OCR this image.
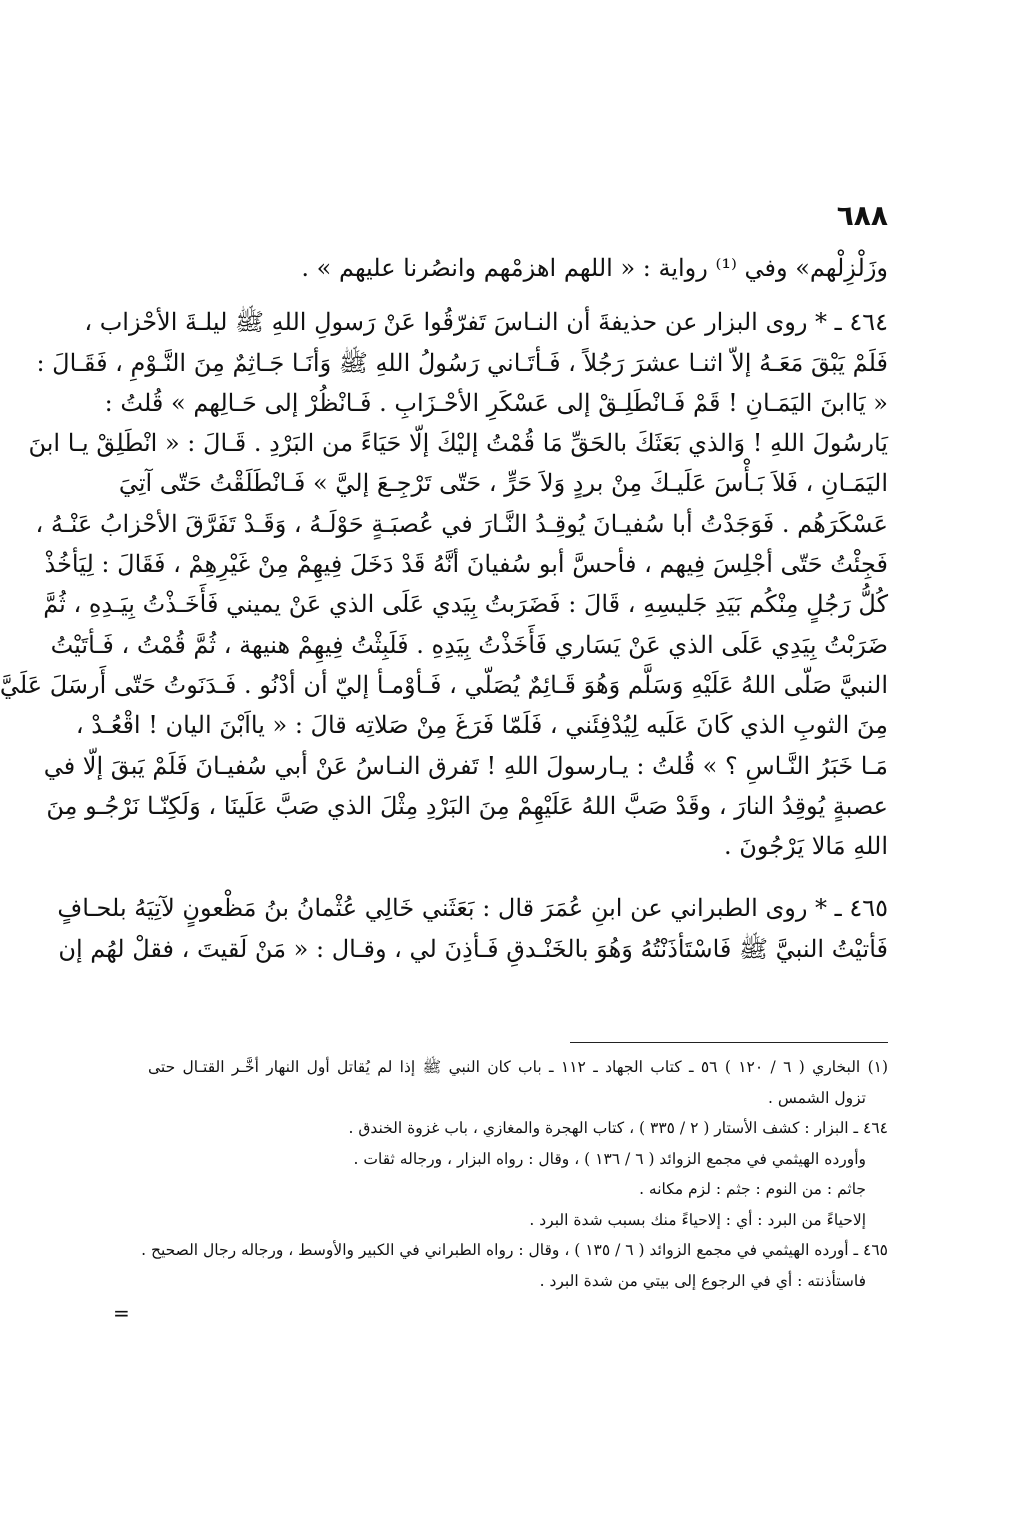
٦٨٨
وزَلْزِلْهم» وفي ⁽¹⁾ رواية : « اللهم اهزمْهم وانصُرنا عليهم » .
٤٦٤ ـ * روى البزار عن حذيفةَ أن النـاسَ تَفرّقُوا عَنْ رَسولِ اللهِ ﷺ ليلـةَ الأحْزاب ،
فَلَمْ يَبْقَ مَعَـهُ إلاّ اثنـا عشرَ رَجُلاً ، فَـأتَـاني رَسُولُ اللهِ ﷺ وَأنَـا جَـاثِمٌ مِنَ النَّـوْمِ ، فَقَـالَ :
« يَاابنَ اليَمَـانِ ! قَمْ فَـانْطَلِـقْ إلى عَسْكَرِ الأحْـزَابِ . فَـانْظُرْ إلى حَـالِهم » قُلتُ :
يَارسُولَ اللهِ ! وَالذي بَعَثَكَ بالحَقِّ مَا قُمْتُ إليْكَ إلّا حَيَاءً من البَرْدِ . قَـالَ : « انْطَلِقْ يـا ابنَ
اليَمَـانِ ، فَلاَ بَـأْسَ عَلَيـكَ مِنْ بردٍ وَلاَ حَرٍّ ، حَتّى تَرْجِـعَ إليَّ » فَـانْطَلَقْتُ حَتّى آتِيَ
عَسْكَرَهُم . فَوَجَدْتُ أبا سُفيـانَ يُوقِـدُ النَّـارَ في عُصبَـةٍ حَوْلَـهُ ، وَقَـدْ تَفَرَّقَ الأحْزابُ عَنْـهُ ،
فَجِئْتُ حَتّى أجْلِسَ فِيهم ، فأحسَّ أبو سُفيانَ أنَّهُ قَدْ دَخَلَ فِيهِمْ مِنْ غَيْرِهِمْ ، فَقَالَ : لِيَأخُذْ
كُلُّ رَجُلٍ مِنْكُم بَيَدِ جَليسِهِ ، قَالَ : فَضَرَبتُ بِيَدي عَلَى الذي عَنْ يميني فَأَخَـذْتُ بِيَـدِهِ ، ثُمَّ
ضَرَبْتُ بِيَدِي عَلَى الذي عَنْ يَسَاري فَأَخَذْتُ بِيَدِهِ . فَلَبِثْتُ فِيهِمْ هنيهة ، ثُمَّ قُمْتُ ، فَـأتَيْتُ
النبيَّ صَلّى اللهُ عَلَيْهِ وَسَلَّم وَهُوَ قَـائِمٌ يُصَلّي ، فَـأوْمـأ إليّ أن أدْنُو . فَـدَنَوتُ حَتّى أَرسَلَ عَلَيَّ
مِنَ الثوبِ الذي كَانَ عَلَيه لِيُدْفِئَني ، فَلَمّا فَرَغَ مِنْ صَلاتِه قالَ : « يااَبْنَ اليان ! اقْعُـدْ ،
مَـا خَبَرُ النَّـاسِ ؟ » قُلتُ : يـارسولَ اللهِ ! تَفرق النـاسُ عَنْ أبي سُفيـانَ فَلَمْ يَبقَ إلّا في
عصبةٍ يُوقِدُ النارَ ، وقَدْ صَبَّ اللهُ عَلَيْهِمْ مِنَ البَرْدِ مِثْلَ الذي صَبَّ عَلَينَا ، وَلَكِنّـا نَرْجُـو مِنَ
اللهِ مَالا يَرْجُونَ .
٤٦٥ ـ * روى الطبراني عن ابنِ عُمَرَ قال : بَعَثَني خَالِي عُثْمانُ بنُ مَظْعونٍ لآتِيَهُ بلحـافٍ
فَأتيْتُ النبيَّ ﷺ فَاسْتَأذَنْتُهُ وَهُوَ بالخَنْـدقِ فَـأذِنَ لي ، وقـال : « مَنْ لَقيتَ ، فقلْ لهُم إن
(١) البخاري ( ٦ / ١٢٠ ) ٥٦ ـ كتاب الجهاد ـ ١١٢ ـ باب كان النبي ﷺ إذا لم يُقاتل أول النهار أخَّـر القتـال حتى
تزول الشمس .
٤٦٤ ـ البزار : كشف الأستار ( ٢ / ٣٣٥ ) ، كتاب الهجرة والمغازي ، باب غزوة الخندق .
وأورده الهيثمي في مجمع الزوائد ( ٦ / ١٣٦ ) ، وقال : رواه البزار ، ورجاله ثقات .
جاثم : من النوم : جثم : لزم مكانه .
إلاحياءً من البرد : أي : إلاحياءً منك بسبب شدة البرد .
٤٦٥ ـ أورده الهيثمي في مجمع الزوائد ( ٦ / ١٣٥ ) ، وقال : رواه الطبراني في الكبير والأوسط ، ورجاله رجال الصحيح .
فاستأذنته : أي في الرجوع إلى بيتي من شدة البرد .
=
